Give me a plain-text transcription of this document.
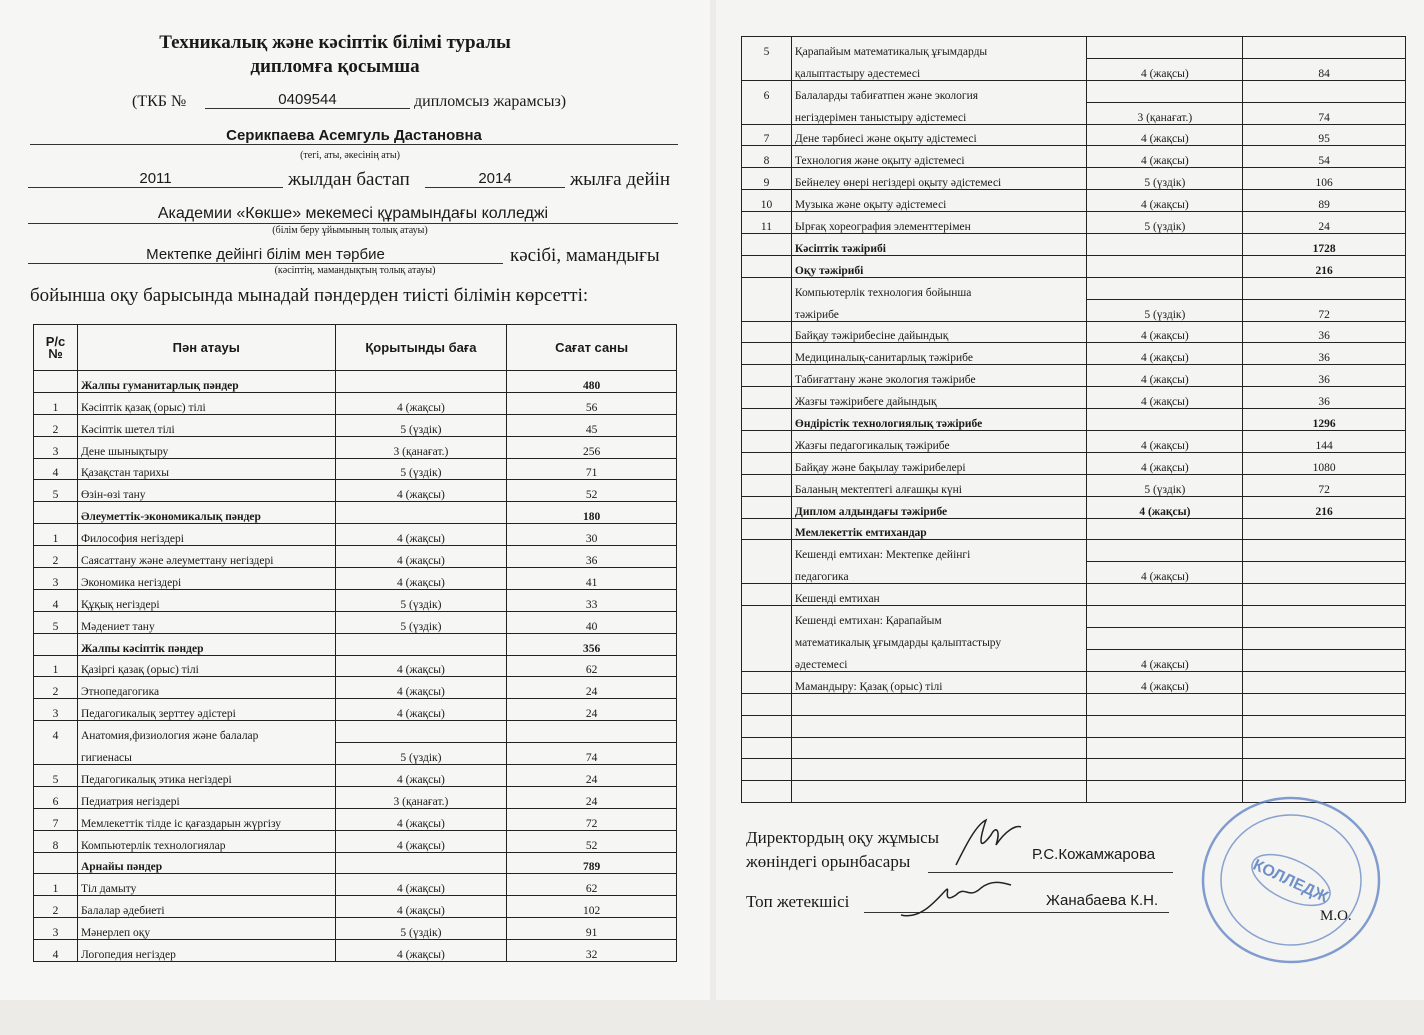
Техникалық және кәсіптік білімі туралы
дипломға қосымша
(ТКБ №	0409544	дипломсыз жарамсыз)
Серикпаева Асемгуль Дастановна
(тегі, аты, әкесінің аты)
2011	жылдан бастап	2014	жылға дейін
Академии «Көкше» мекемесі құрамындағы колледжі
(білім беру ұйымының толық атауы)
Мектепке дейінгі білім мен тәрбие	кәсібі, мамандығы
(кәсіптің, мамандықтың толық атауы)
бойынша оқу барысында мынадай пәндерден тиісті білімін көрсетті:
Р/с
№	Пән атауы	Қорытынды баға	Сағат саны
	Жалпы гуманитарлық пәндер		480
1	Кәсіптік қазақ (орыс) тілі	4 (жақсы)	56
2	Кәсіптік шетел тілі	5 (үздік)	45
3	Дене шынықтыру	3 (қанағат.)	256
4	Қазақстан тарихы	5 (үздік)	71
5	Өзін-өзі тану	4 (жақсы)	52
	Әлеуметтік-экономикалық пәндер		180
1	Философия негіздері	4 (жақсы)	30
2	Саясаттану және әлеуметтану негіздері	4 (жақсы)	36
3	Экономика негіздері	4 (жақсы)	41
4	Құқық негіздері	5 (үздік)	33
5	Мәдениет тану	5 (үздік)	40
	Жалпы кәсіптік пәндер		356
1	Қазіргі қазақ (орыс) тілі	4 (жақсы)	62
2	Этнопедагогика	4 (жақсы)	24
3	Педагогикалық зерттеу әдістері	4 (жақсы)	24
4	Анатомия,физиология және балалар		
	гигиенасы	5 (үздік)	74
5	Педагогикалық этика негіздері	4 (жақсы)	24
6	Педиатрия негіздері	3 (қанағат.)	24
7	Мемлекеттік тілде іс қағаздарын жүргізу	4 (жақсы)	72
8	Компьютерлік технологиялар	4 (жақсы)	52
	Арнайы пәндер		789
1	Тіл дамыту	4 (жақсы)	62
2	Балалар әдебиеті	4 (жақсы)	102
3	Мәнерлеп оқу	5 (үздік)	91
4	Логопедия негіздер	4 (жақсы)	32
5	Қарапайым математикалық ұғымдарды		
	қалыптастыру әдестемесі	4 (жақсы)	84
6	Балаларды табиғатпен және экология		
	негіздерімен таныстыру әдістемесі	3 (қанағат.)	74
7	Дене тәрбиесі және оқыту әдістемесі	4 (жақсы)	95
8	Технология және оқыту әдістемесі	4 (жақсы)	54
9	Бейнелеу өнері негіздері оқыту әдістемесі	5 (үздік)	106
10	Музыка және оқыту әдістемесі	4 (жақсы)	89
11	Ырғақ хореография элементтерімен	5 (үздік)	24
	Кәсіптік тәжірибі		1728
	Оқу тәжірибі		216
	Компьютерлік технология бойынша		
	тәжірибе	5 (үздік)	72
	Байқау тәжірибесіне дайындық	4 (жақсы)	36
	Медициналық-санитарлық тәжірибе	4 (жақсы)	36
	Табиғаттану және экология тәжірибе	4 (жақсы)	36
	Жазғы тәжірибеге дайындық	4 (жақсы)	36
	Өндірістік технологиялық тәжірибе		1296
	Жазғы педагогикалық тәжірибе	4 (жақсы)	144
	Байқау және бақылау тәжірибелері	4 (жақсы)	1080
	Баланың мектептегі алғашқы күні	5 (үздік)	72
	Диплом алдындағы тәжірибе	4 (жақсы)	216
	Мемлекеттік емтихандар		
	Кешенді емтихан: Мектепке дейінгі		
	педагогика	4 (жақсы)	
	Кешенді емтихан		
	Кешенді емтихан: Қарапайым		
	математикалық ұғымдарды қалыптастыру		
	әдестемесі	4 (жақсы)	
	Мамандыру: Қазақ (орыс) тілі	4 (жақсы)	

Директордың оқу жұмысы
жөніндегі орынбасары	Р.С.Кожамжарова
Топ жетекшісі	Жанабаева К.Н.
М.О.
КОЛЛЕДЖ
